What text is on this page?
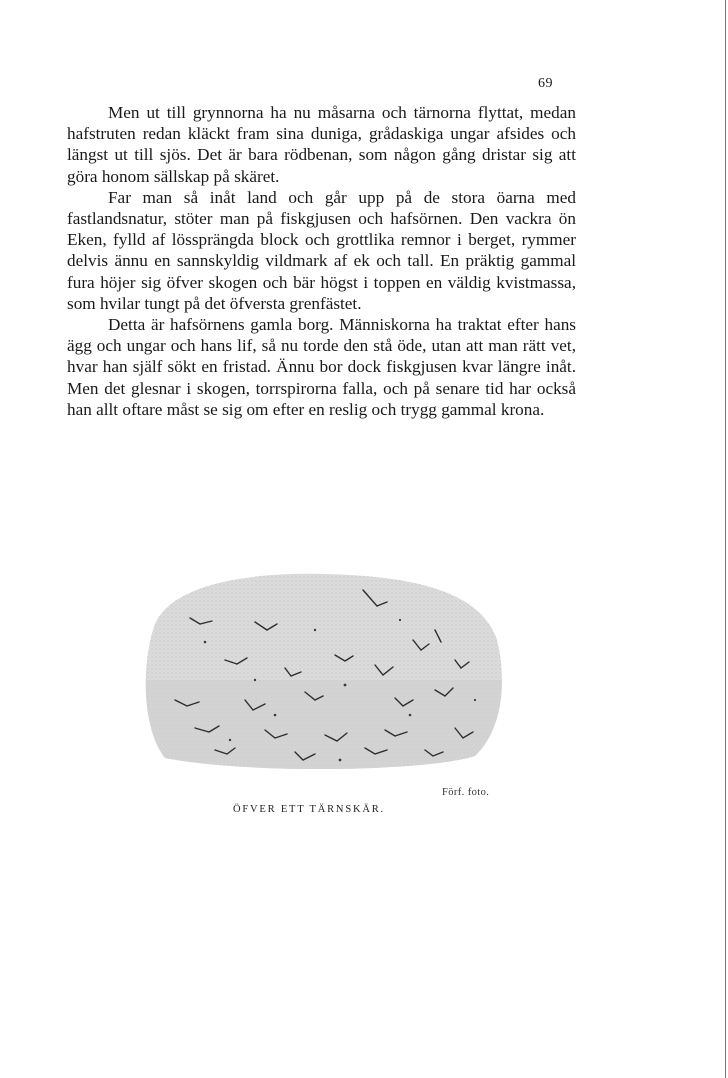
69

Men ut till grynnorna ha nu måsarna och tärnorna flyttat, medan hafstruten redan kläckt fram sina duniga, grådaskiga ungar afsides och längst ut till sjös. Det är bara rödbenan, som någon gång dristar sig att göra honom sällskap på skäret.

Far man så inåt land och går upp på de stora öarna med fastlandsnatur, stöter man på fiskgjusen och hafsörnen. Den vackra ön Eken, fylld af lössprängda block och grottlika remnor i berget, rymmer delvis ännu en sannskyldig vildmark af ek och tall. En präktig gammal fura höjer sig öfver skogen och bär högst i toppen en väldig kvistmassa, som hvilar tungt på det öfversta grenfästet.

Detta är hafsörnens gamla borg. Människorna ha traktat efter hans ägg och ungar och hans lif, så nu torde den stå öde, utan att man rätt vet, hvar han själf sökt en fristad. Ännu bor dock fiskgjusen kvar längre inåt. Men det glesnar i skogen, torrspirorna falla, och på senare tid har också han allt oftare måst se sig om efter en reslig och trygg gammal krona.

Förf. foto.
ÖFVER ETT TÄRNSKÄR.
